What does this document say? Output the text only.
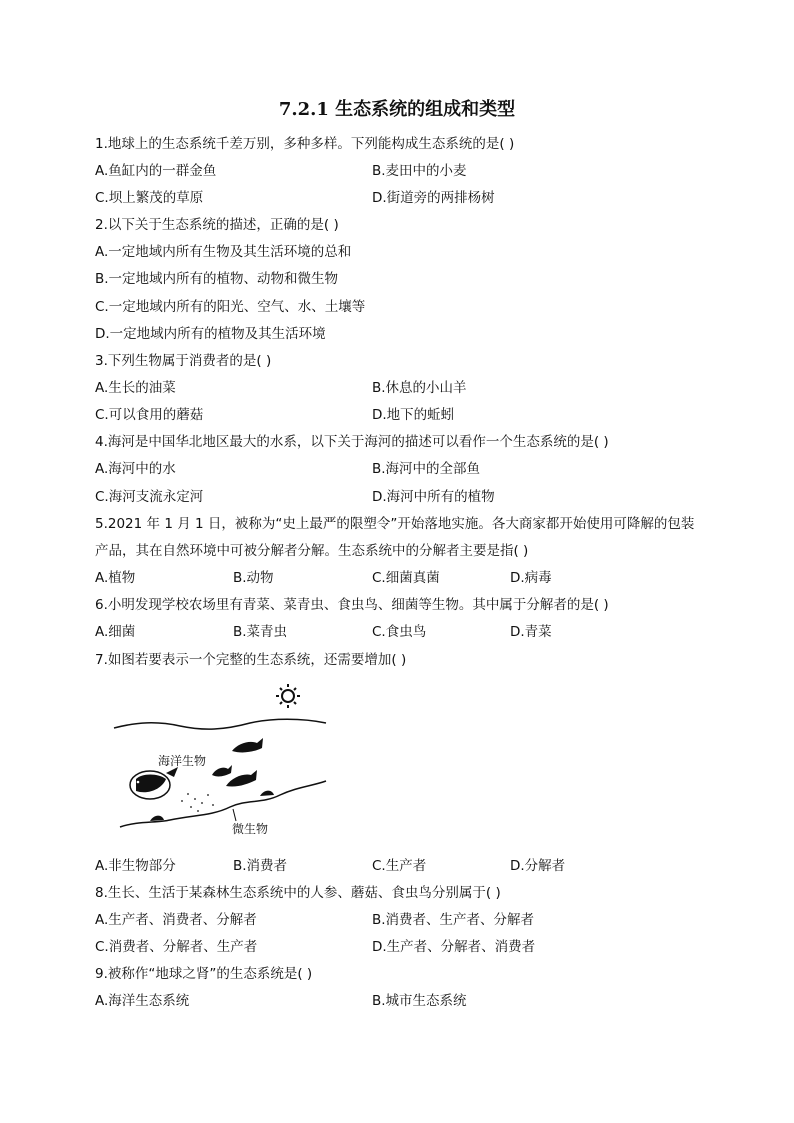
7.2.1 生态系统的组成和类型
1.地球上的生态系统千差万别，多种多样。下列能构成生态系统的是( )
A.鱼缸内的一群金鱼	B.麦田中的小麦
C.坝上繁茂的草原	D.街道旁的两排杨树
2.以下关于生态系统的描述，正确的是( )
A.一定地域内所有生物及其生活环境的总和
B.一定地域内所有的植物、动物和微生物
C.一定地域内所有的阳光、空气、水、土壤等
D.一定地域内所有的植物及其生活环境
3.下列生物属于消费者的是( )
A.生长的油菜	B.休息的小山羊
C.可以食用的蘑菇	D.地下的蚯蚓
4.海河是中国华北地区最大的水系，以下关于海河的描述可以看作一个生态系统的是( )
A.海河中的水	B.海河中的全部鱼
C.海河支流永定河	D.海河中所有的植物
5.2021 年 1 月 1 日，被称为“史上最严的限塑令”开始落地实施。各大商家都开始使用可降解的包装
产品，其在自然环境中可被分解者分解。生态系统中的分解者主要是指( )
A.植物	B.动物	C.细菌真菌	D.病毒
6.小明发现学校农场里有青菜、菜青虫、食虫鸟、细菌等生物。其中属于分解者的是( )
A.细菌	B.菜青虫	C.食虫鸟	D.青菜
7.如图若要表示一个完整的生态系统，还需要增加( )
海洋生物
微生物
A.非生物部分	B.消费者	C.生产者	D.分解者
8.生长、生活于某森林生态系统中的人参、蘑菇、食虫鸟分别属于( )
A.生产者、消费者、分解者	B.消费者、生产者、分解者
C.消费者、分解者、生产者	D.生产者、分解者、消费者
9.被称作“地球之肾”的生态系统是( )
A.海洋生态系统	B.城市生态系统
